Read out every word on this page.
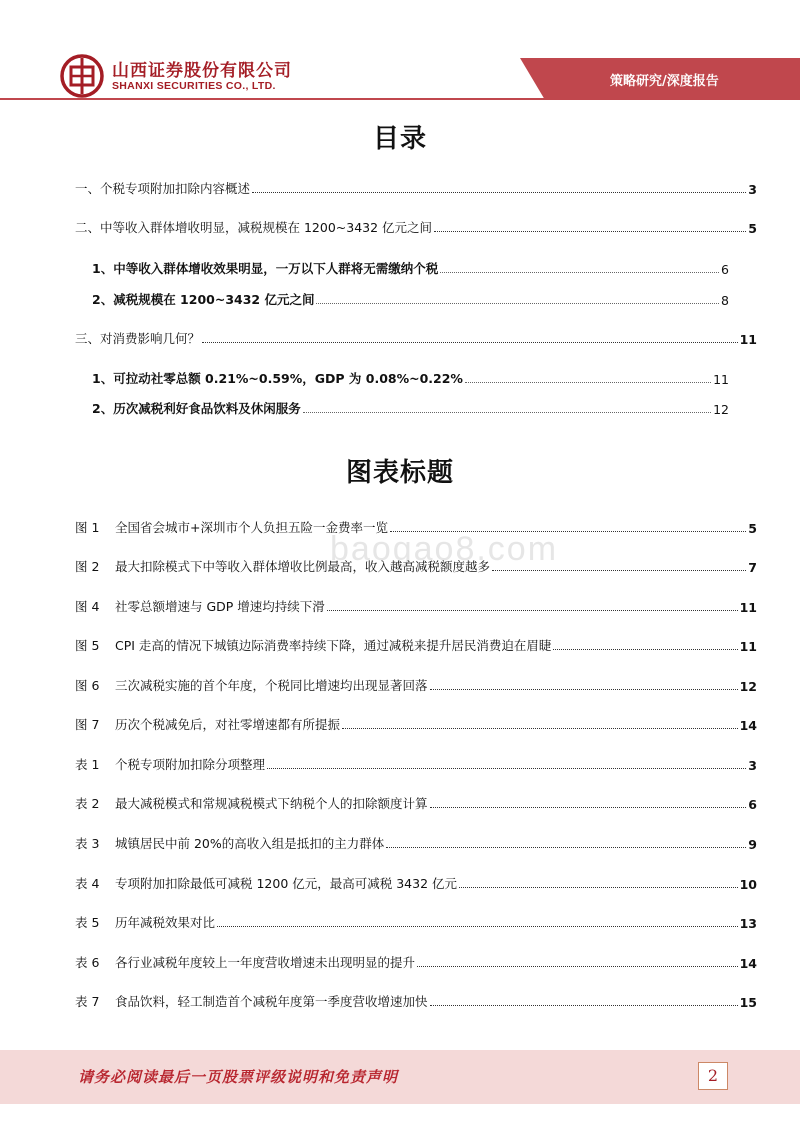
山西证券股份有限公司
SHANXI SECURITIES CO., LTD.	策略研究/深度报告
目录
一、个税专项附加扣除内容概述	3
二、中等收入群体增收明显，减税规模在 1200~3432 亿元之间	5
1、中等收入群体增收效果明显，一万以下人群将无需缴纳个税	6
2、减税规模在 1200~3432 亿元之间	8
三、对消费影响几何？	11
1、可拉动社零总额 0.21%~0.59%，GDP 为 0.08%~0.22%	11
2、历次减税利好食品饮料及休闲服务	12
图表标题
baogao8.com
图 1 全国省会城市+深圳市个人负担五险一金费率一览	5
图 2 最大扣除模式下中等收入群体增收比例最高，收入越高减税额度越多	7
图 4 社零总额增速与 GDP 增速均持续下滑	11
图 5 CPI 走高的情况下城镇边际消费率持续下降，通过减税来提升居民消费迫在眉睫	11
图 6 三次减税实施的首个年度，个税同比增速均出现显著回落	12
图 7 历次个税减免后，对社零增速都有所提振	14
表 1 个税专项附加扣除分项整理	3
表 2 最大减税模式和常规减税模式下纳税个人的扣除额度计算	6
表 3 城镇居民中前 20%的高收入组是抵扣的主力群体	9
表 4 专项附加扣除最低可减税 1200 亿元，最高可减税 3432 亿元	10
表 5 历年减税效果对比	13
表 6 各行业减税年度较上一年度营收增速未出现明显的提升	14
表 7 食品饮料，轻工制造首个减税年度第一季度营收增速加快	15
请务必阅读最后一页股票评级说明和免责声明	2
